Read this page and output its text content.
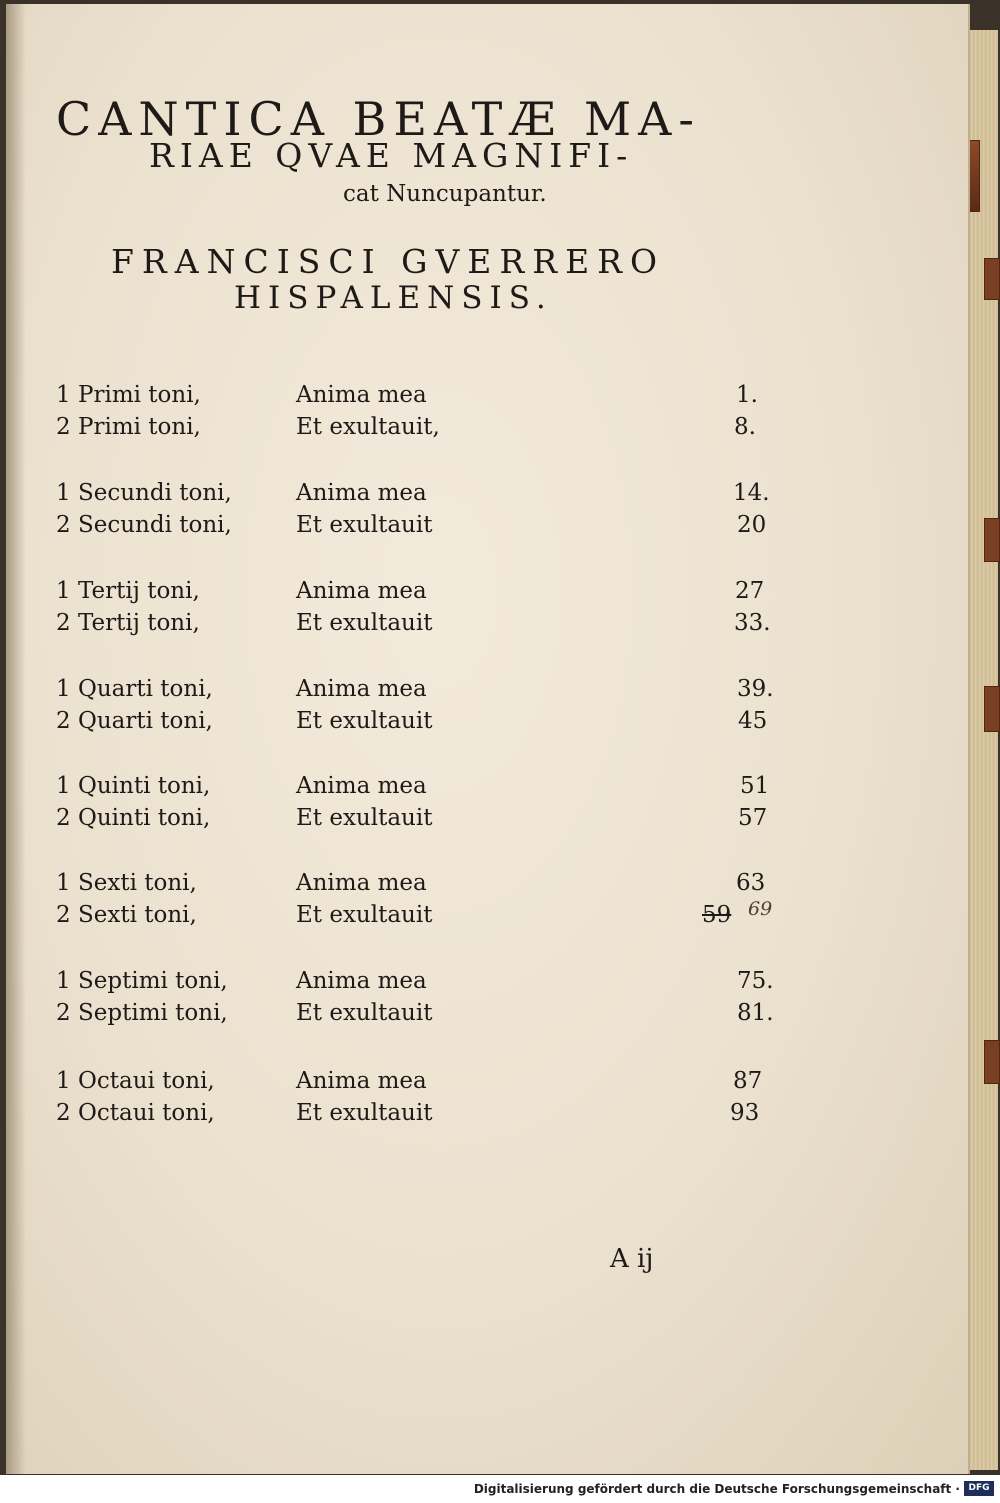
CANTICA BEATÆ MA-
RIAE QVAE MAGNIFI-
cat Nuncupantur.
FRANCISCI GVERRERO
HISPALENSIS.
1 Primi toni,	Anima mea	1.
2 Primi toni,	Et exultauit,	8.
1 Secundi toni,	Anima mea	14.
2 Secundi toni,	Et exultauit	20
1 Tertij toni,	Anima mea	27
2 Tertij toni,	Et exultauit	33.
1 Quarti toni,	Anima mea	39.
2 Quarti toni,	Et exultauit	45
1 Quinti toni,	Anima mea	51
2 Quinti toni,	Et exultauit	57
1 Sexti toni,	Anima mea	63
2 Sexti toni,	Et exultauit	59 69
1 Septimi toni,	Anima mea	75.
2 Septimi toni,	Et exultauit	81.
1 Octaui toni,	Anima mea	87
2 Octaui toni,	Et exultauit	93
A ij
Digitalisierung gefördert durch die Deutsche Forschungsgemeinschaft · DFG
